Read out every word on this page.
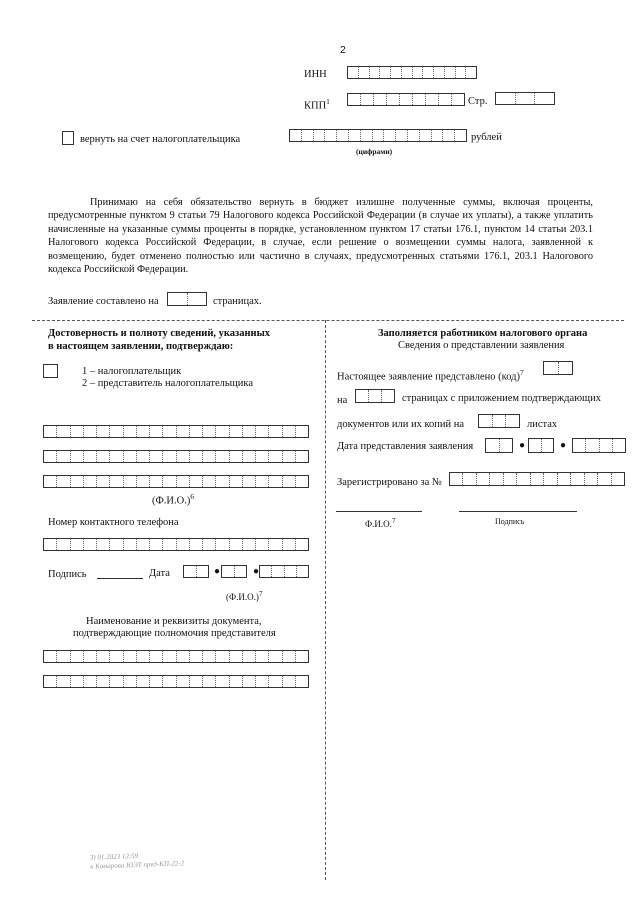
2
ИНН
КПП$^1$	Стр.
вернуть на счет налогоплательщика	рублей
(цифрами)
Принимаю на себя обязательство вернуть в бюджет излишне полученные суммы, включая проценты, предусмотренные пунктом 9 статьи 79 Налогового кодекса Российской Федерации (в случае их уплаты), а также уплатить начисленные на указанные суммы проценты в порядке, установленном пунктом 17 статьи 176.1, пунктом 14 статьи 203.1 Налогового кодекса Российской Федерации, в случае, если решение о возмещении суммы налога, заявленной к возмещению, будет отменено полностью или частично в случаях, предусмотренных статьями 176.1, 203.1 Налогового кодекса Российской Федерации.
Заявление составлено на	страницах.
Достоверность и полноту сведений, указанных
в настоящем заявлении, подтверждаю:
1 – налогоплательщик
2 – представитель налогоплательщика
$(Ф.И.О.)^6$
Номер контактного телефона
Подпись	Дата	●	●
$(Ф.И.О.)^7$
Наименование и реквизиты документа,
подтверждающие полномочия представителя
Заполняется работником налогового органа
Сведения о представлении заявления
Настоящее заявление представлено (код)$^7$
на	страницах с приложением подтверждающих
документов или их копий на	листах
Дата представления заявления	●	●
Зарегистрировано за №
Ф.И.О.$^7$	Подпись
3) 01.2023 12:59
к Комарова ЮЭТ пред-КП-22-2
